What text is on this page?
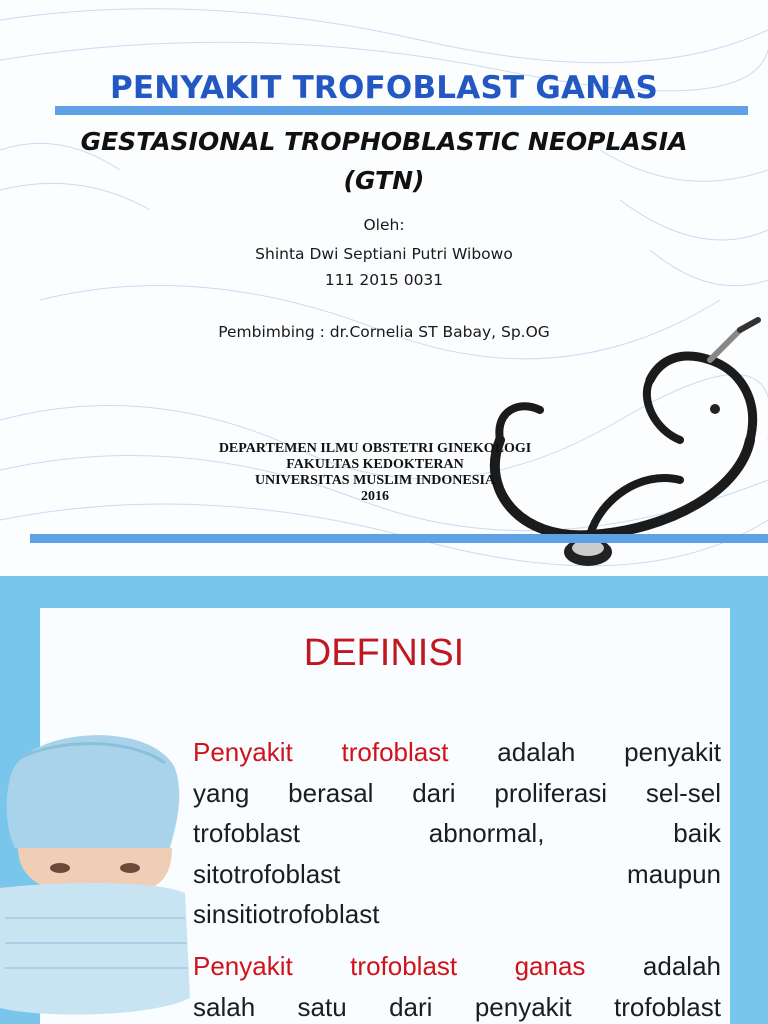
PENYAKIT TROFOBLAST GANAS
GESTASIONAL TROPHOBLASTIC NEOPLASIA
(GTN)
Oleh:
Shinta Dwi Septiani Putri Wibowo
111 2015 0031
Pembimbing : dr.Cornelia ST Babay, Sp.OG
DEPARTEMEN ILMU OBSTETRI GINEKOLOGI
FAKULTAS KEDOKTERAN
UNIVERSITAS MUSLIM INDONESIA
2016
DEFINISI
Penyakit trofoblast adalah penyakit
yang berasal dari proliferasi sel-sel
trofoblast abnormal, baik
sitotrofoblast maupun
sinsitiotrofoblast
Penyakit trofoblast ganas adalah
salah satu dari penyakit trofoblast
